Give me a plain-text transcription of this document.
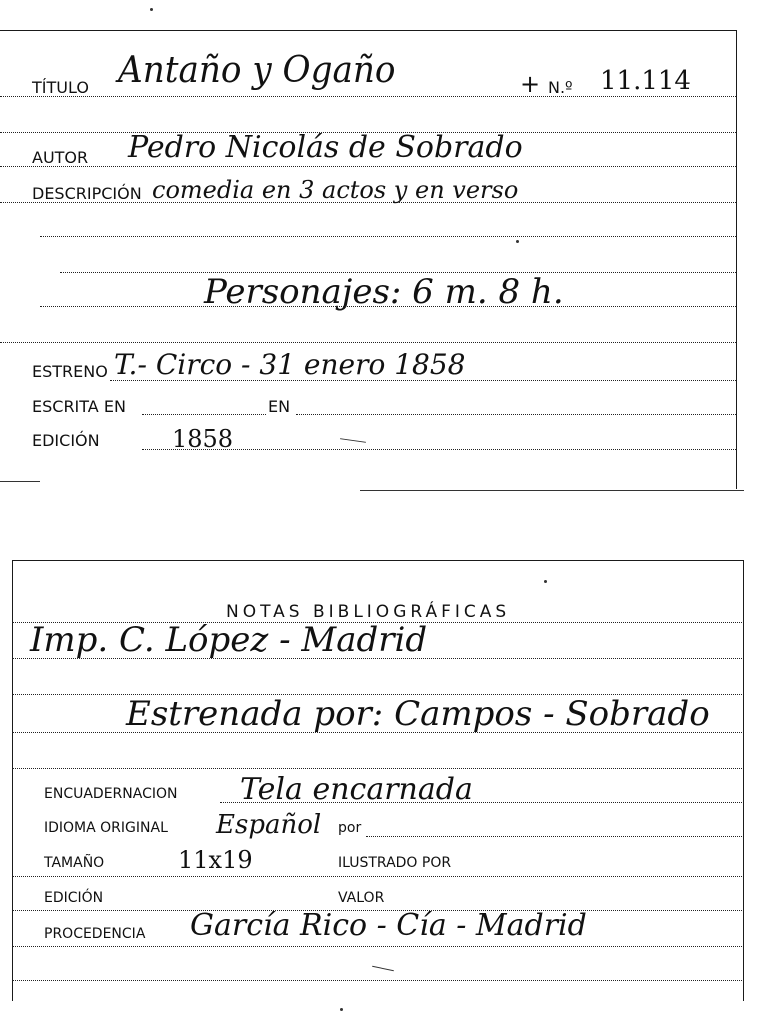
TÍTULO Antaño y Ogaño	+ N.º 11.114
AUTOR Pedro Nicolás de Sobrado
DESCRIPCIÓN comedia en 3 actos y en verso
Personajes: 6 m. 8 h.
ESTRENO T.- Circo - 31 enero 1858
ESCRITA EN	EN
EDICIÓN	1858
NOTAS BIBLIOGRÁFICAS
Imp. C. López - Madrid
Estrenada por: Campos - Sobrado
ENCUADERNACION Tela encarnada
IDIOMA ORIGINAL Español por
TAMAÑO	11x19	ILUSTRADO POR
EDICIÓN	VALOR
PROCEDENCIA García Rico - Cía - Madrid
